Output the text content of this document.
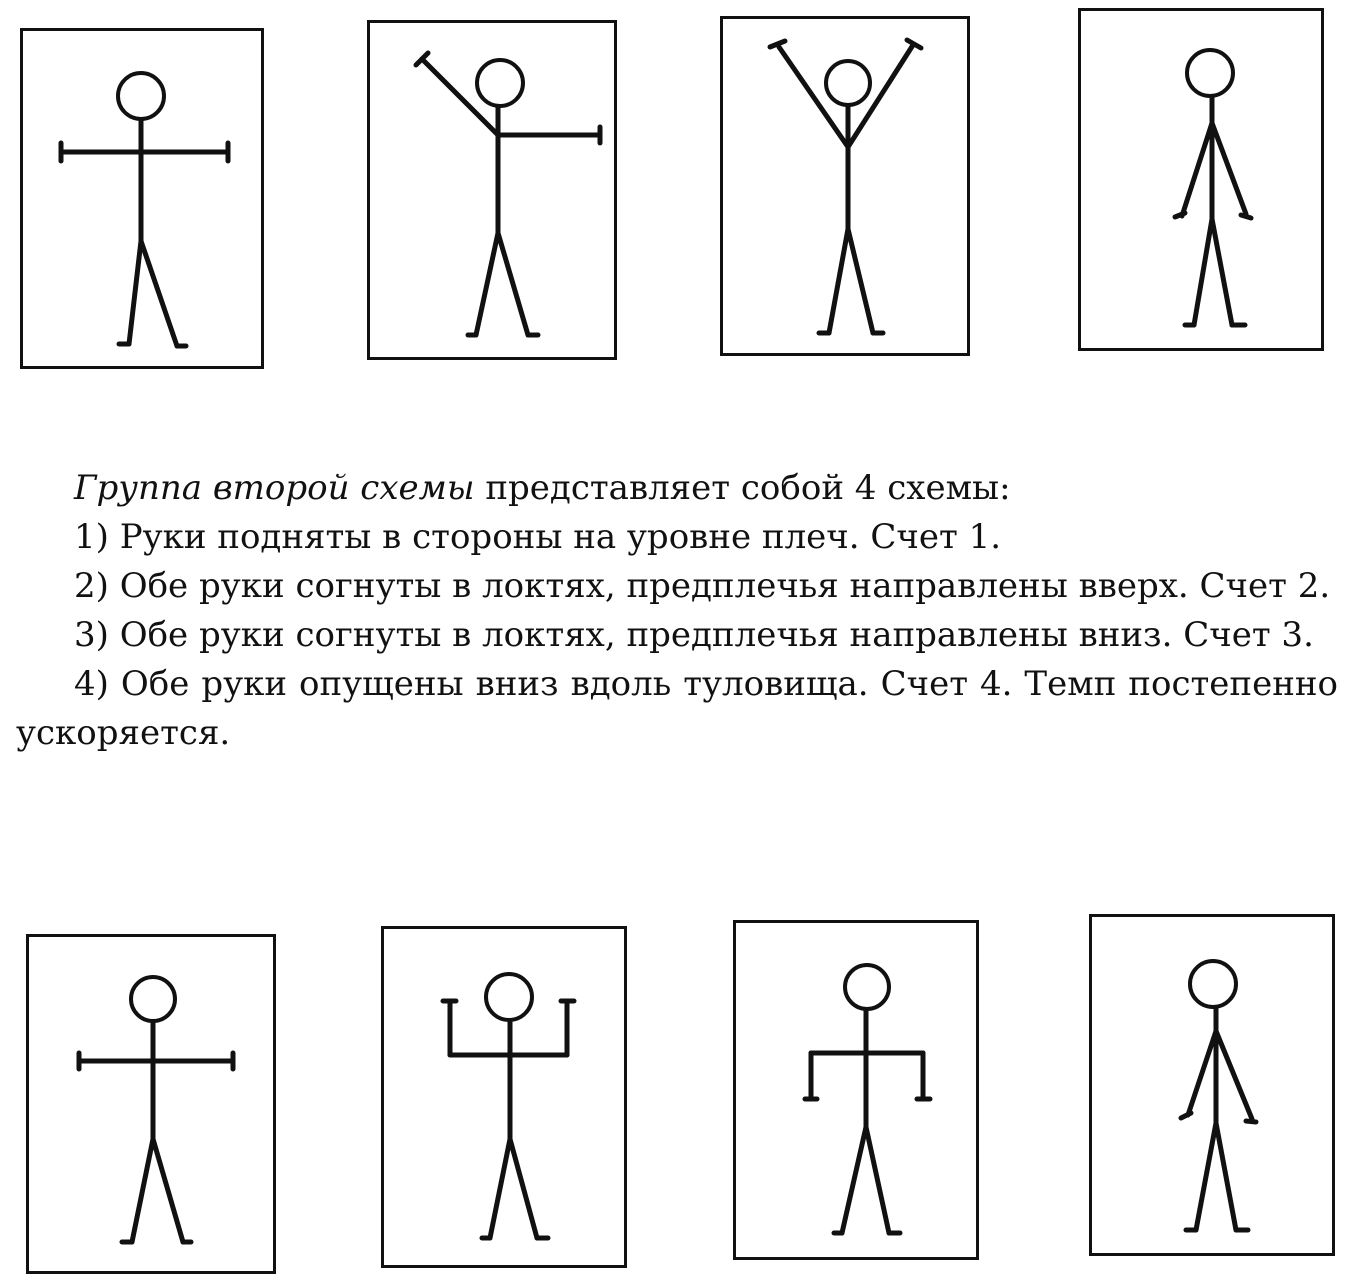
Группа второй схемы представляет собой 4 схемы:

1) Руки подняты в стороны на уровне плеч. Счет 1.

2) Обе руки согнуты в локтях, предплечья направлены вверх. Счет 2.

3) Обе руки согнуты в локтях, предплечья направлены вниз. Счет 3.

4) Обе руки опущены вниз вдоль туловища. Счет 4. Темп постепенно ускоряется.
